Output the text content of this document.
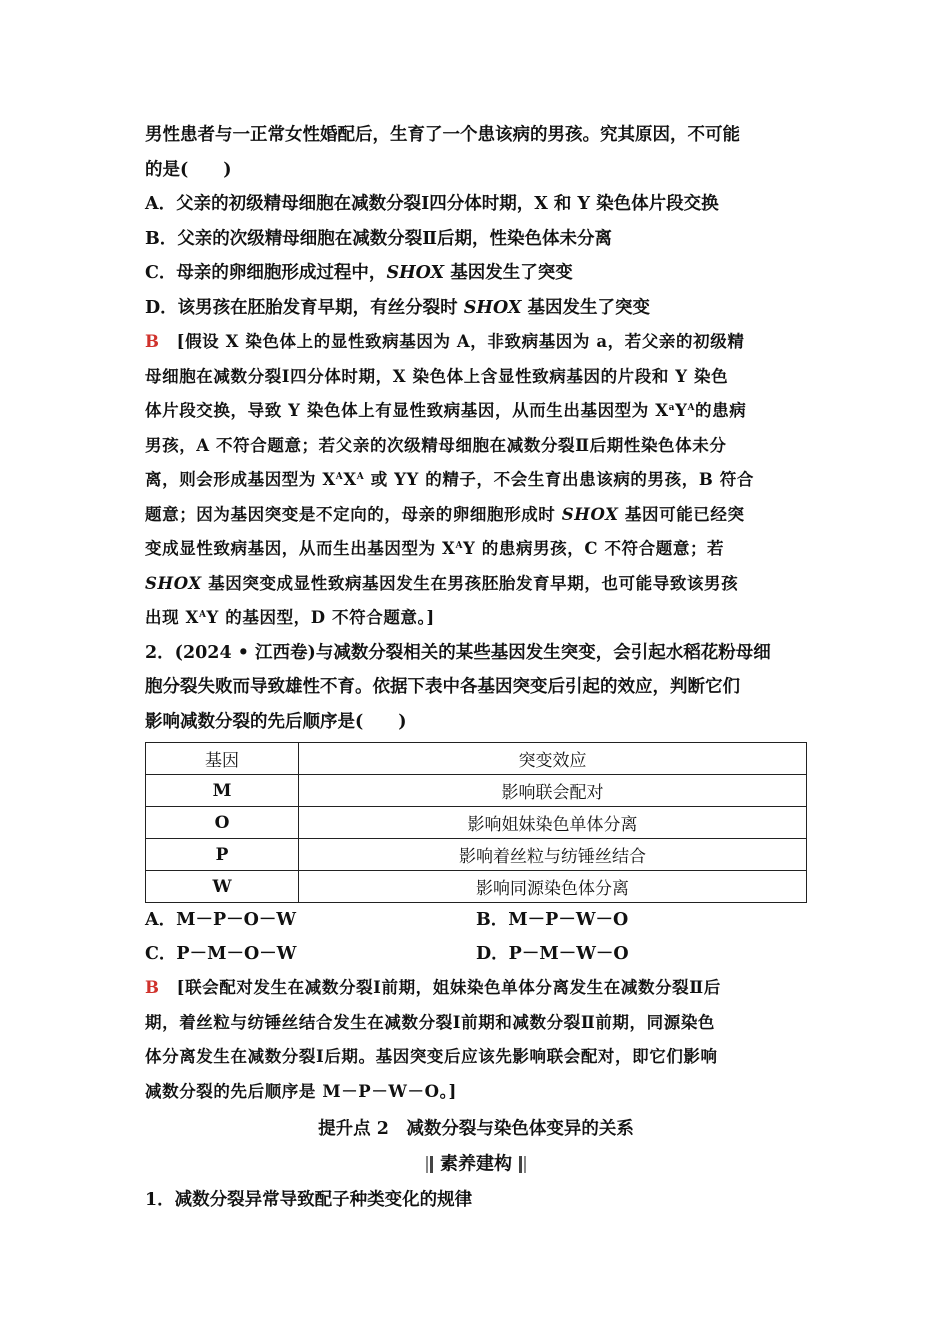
男性患者与一正常女性婚配后，生育了一个患该病的男孩。究其原因，不可能

的是(　　)

A．父亲的初级精母细胞在减数分裂Ⅰ四分体时期，X 和 Y 染色体片段交换

B．父亲的次级精母细胞在减数分裂Ⅱ后期，性染色体未分离

C．母亲的卵细胞形成过程中，SHOX 基因发生了突变

D．该男孩在胚胎发育早期，有丝分裂时 SHOX 基因发生了突变

B　 [假设 X 染色体上的显性致病基因为 A，非致病基因为 a，若父亲的初级精

母细胞在减数分裂Ⅰ四分体时期，X 染色体上含显性致病基因的片段和 Y 染色

体片段交换，导致 Y 染色体上有显性致病基因，从而生出基因型为 $X^aY^A$的患病

男孩，A 不符合题意；若父亲的次级精母细胞在减数分裂Ⅱ后期性染色体未分

离，则会形成基因型为 $X^AX^A$ 或 YY 的精子，不会生育出患该病的男孩，B 符合

题意；因为基因突变是不定向的，母亲的卵细胞形成时 SHOX 基因可能已经突

变成显性致病基因，从而生出基因型为 $X^AY$ 的患病男孩，C 不符合题意；若

SHOX 基因突变成显性致病基因发生在男孩胚胎发育早期，也可能导致该男孩

出现 $X^AY$ 的基因型，D 不符合题意。]

2．(2024 • 江西卷)与减数分裂相关的某些基因发生突变，会引起水稻花粉母细

胞分裂失败而导致雄性不育。依据下表中各基因突变后引起的效应，判断它们

影响减数分裂的先后顺序是(　　)

基因	突变效应
M	影响联会配对
O	影响姐妹染色单体分离
P	影响着丝粒与纺锤丝结合
W	影响同源染色体分离
A．M－P－O－W	B．M－P－W－O
C．P－M－O－W	D．P－M－W－O

B　 [联会配对发生在减数分裂Ⅰ前期，姐妹染色单体分离发生在减数分裂Ⅱ后

期，着丝粒与纺锤丝结合发生在减数分裂Ⅰ前期和减数分裂Ⅱ前期，同源染色

体分离发生在减数分裂Ⅰ后期。基因突变后应该先影响联会配对，即它们影响

减数分裂的先后顺序是 M－P－W－O。]

提升点 2　减数分裂与染色体变异的关系
素养建构
1．减数分裂异常导致配子种类变化的规律
